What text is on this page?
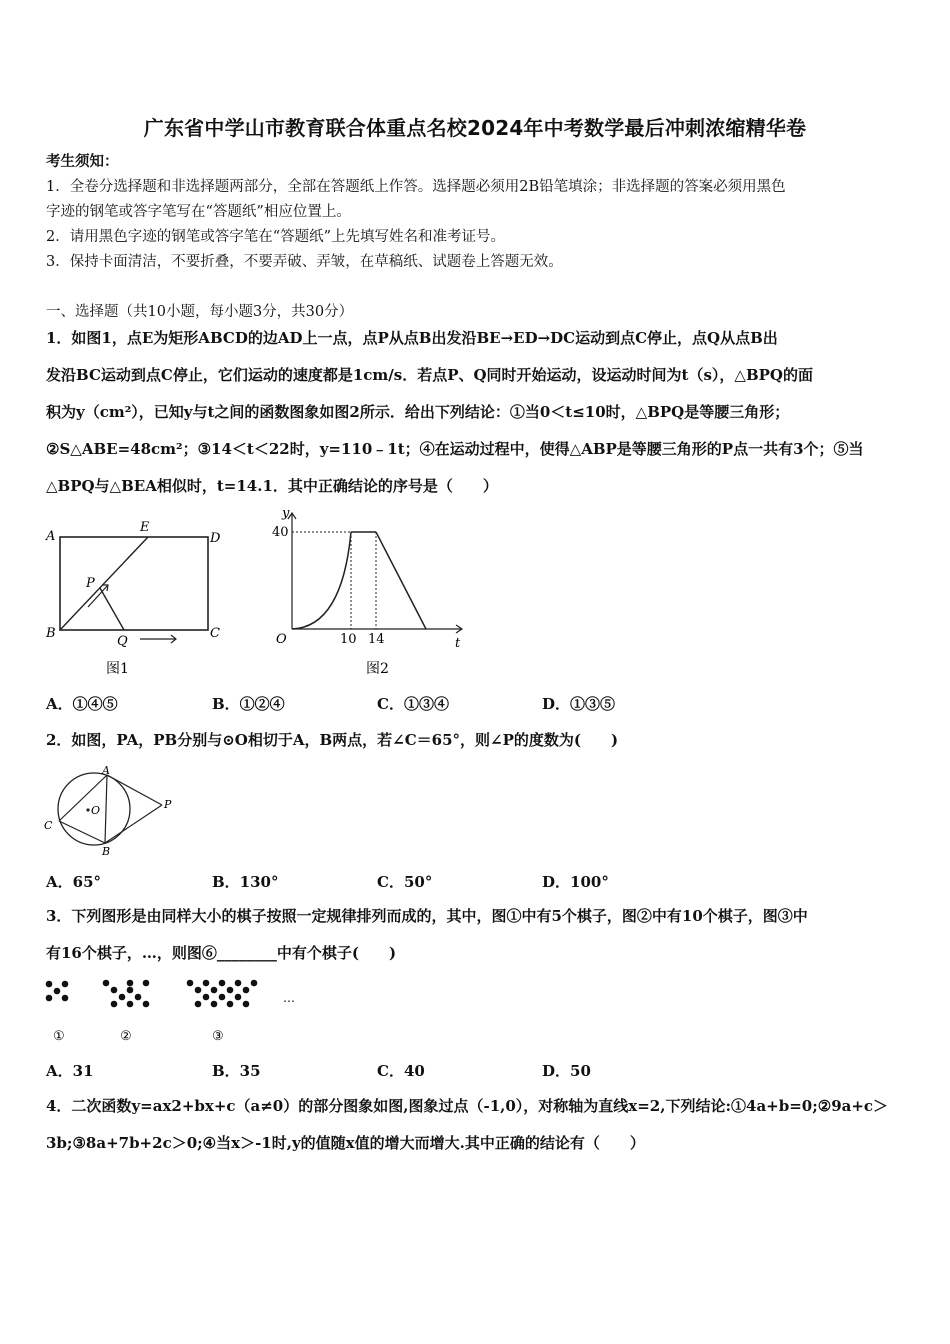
广东省中学山市教育联合体重点名校2024年中考数学最后冲刺浓缩精华卷
考生须知：
1．全卷分选择题和非选择题两部分，全部在答题纸上作答。选择题必须用2B铅笔填涂；非选择题的答案必须用黑色
字迹的钢笔或答字笔写在“答题纸”相应位置上。
2．请用黑色字迹的钢笔或答字笔在“答题纸”上先填写姓名和准考证号。
3．保持卡面清洁，不要折叠，不要弄破、弄皱，在草稿纸、试题卷上答题无效。
一、选择题（共10小题，每小题3分，共30分）
1．如图1，点E为矩形ABCD的边AD上一点，点P从点B出发沿BE→ED→DC运动到点C停止，点Q从点B出
发沿BC运动到点C停止，它们运动的速度都是1cm/s．若点P、Q同时开始运动，设运动时间为t（s），△BPQ的面
积为y（cm²），已知y与t之间的函数图象如图2所示．给出下列结论：①当0＜t≤10时，△BPQ是等腰三角形；
②S△ABE=48cm²；③14＜t＜22时，y=110﹣1t；④在运动过程中，使得△ABP是等腰三角形的P点一共有3个；⑤当
△BPQ与△BEA相似时，t=14.1．其中正确结论的序号是（　　）
A
B	C
D
E
P
Q
图1
y
t
O
40
10 14
图2
A．①④⑤	B．①②④	C．①③④	D．①③⑤
2．如图，PA，PB分别与⊙O相切于A，B两点，若∠C＝65°，则∠P的度数为(　　)
A
B
C
O	P
A．65°	B．130°	C．50°	D．100°
3．下列图形是由同样大小的棋子按照一定规律排列而成的，其中，图①中有5个棋子，图②中有10个棋子，图③中
有16个棋子，…，则图⑥________中有个棋子(　　)
…
①	②	③
A．31	B．35	C．40	D．50
4．二次函数y=ax2+bx+c（a≠0）的部分图象如图,图象过点（-1,0），对称轴为直线x=2,下列结论:①4a+b=0;②9a+c＞
3b;③8a+7b+2c＞0;④当x＞-1时,y的值随x值的增大而增大.其中正确的结论有（　　）
